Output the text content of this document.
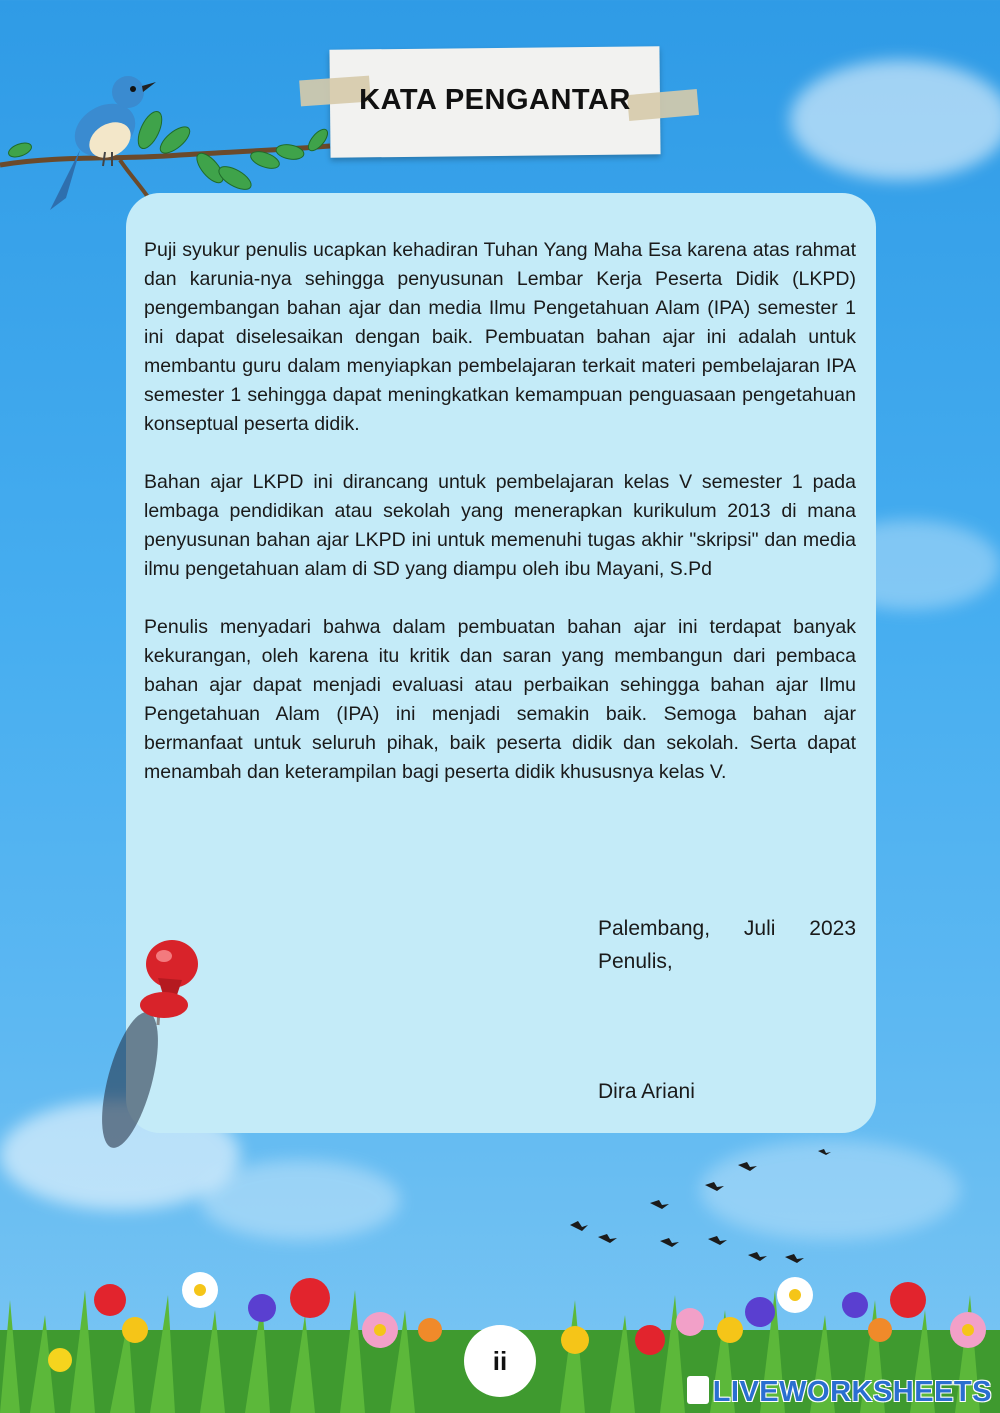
KATA PENGANTAR

Puji syukur penulis ucapkan kehadiran Tuhan Yang Maha Esa karena atas rahmat dan karunia-nya sehingga penyusunan Lembar Kerja Peserta Didik (LKPD) pengembangan bahan ajar dan media Ilmu Pengetahuan Alam (IPA) semester 1 ini dapat diselesaikan dengan baik. Pembuatan bahan ajar ini adalah untuk membantu guru dalam menyiapkan pembelajaran terkait materi pembelajaran IPA semester 1 sehingga dapat meningkatkan kemampuan penguasaan pengetahuan konseptual peserta didik.

Bahan ajar LKPD ini dirancang untuk pembelajaran kelas V semester 1 pada lembaga pendidikan atau sekolah yang menerapkan kurikulum 2013 di mana penyusunan bahan ajar LKPD ini untuk memenuhi tugas akhir "skripsi" dan media ilmu pengetahuan alam di SD yang diampu oleh ibu Mayani, S.Pd

Penulis menyadari bahwa dalam pembuatan bahan ajar ini terdapat banyak kekurangan, oleh karena itu kritik dan saran yang membangun dari pembaca bahan ajar dapat menjadi evaluasi atau perbaikan sehingga bahan ajar Ilmu Pengetahuan Alam (IPA) ini menjadi semakin baik. Semoga bahan ajar bermanfaat untuk seluruh pihak, baik peserta didik dan sekolah. Serta dapat menambah dan keterampilan bagi peserta didik khususnya kelas V.

Palembang, Juli 2023
Penulis,
Dira Ariani
ii
LIVEWORKSHEETS
